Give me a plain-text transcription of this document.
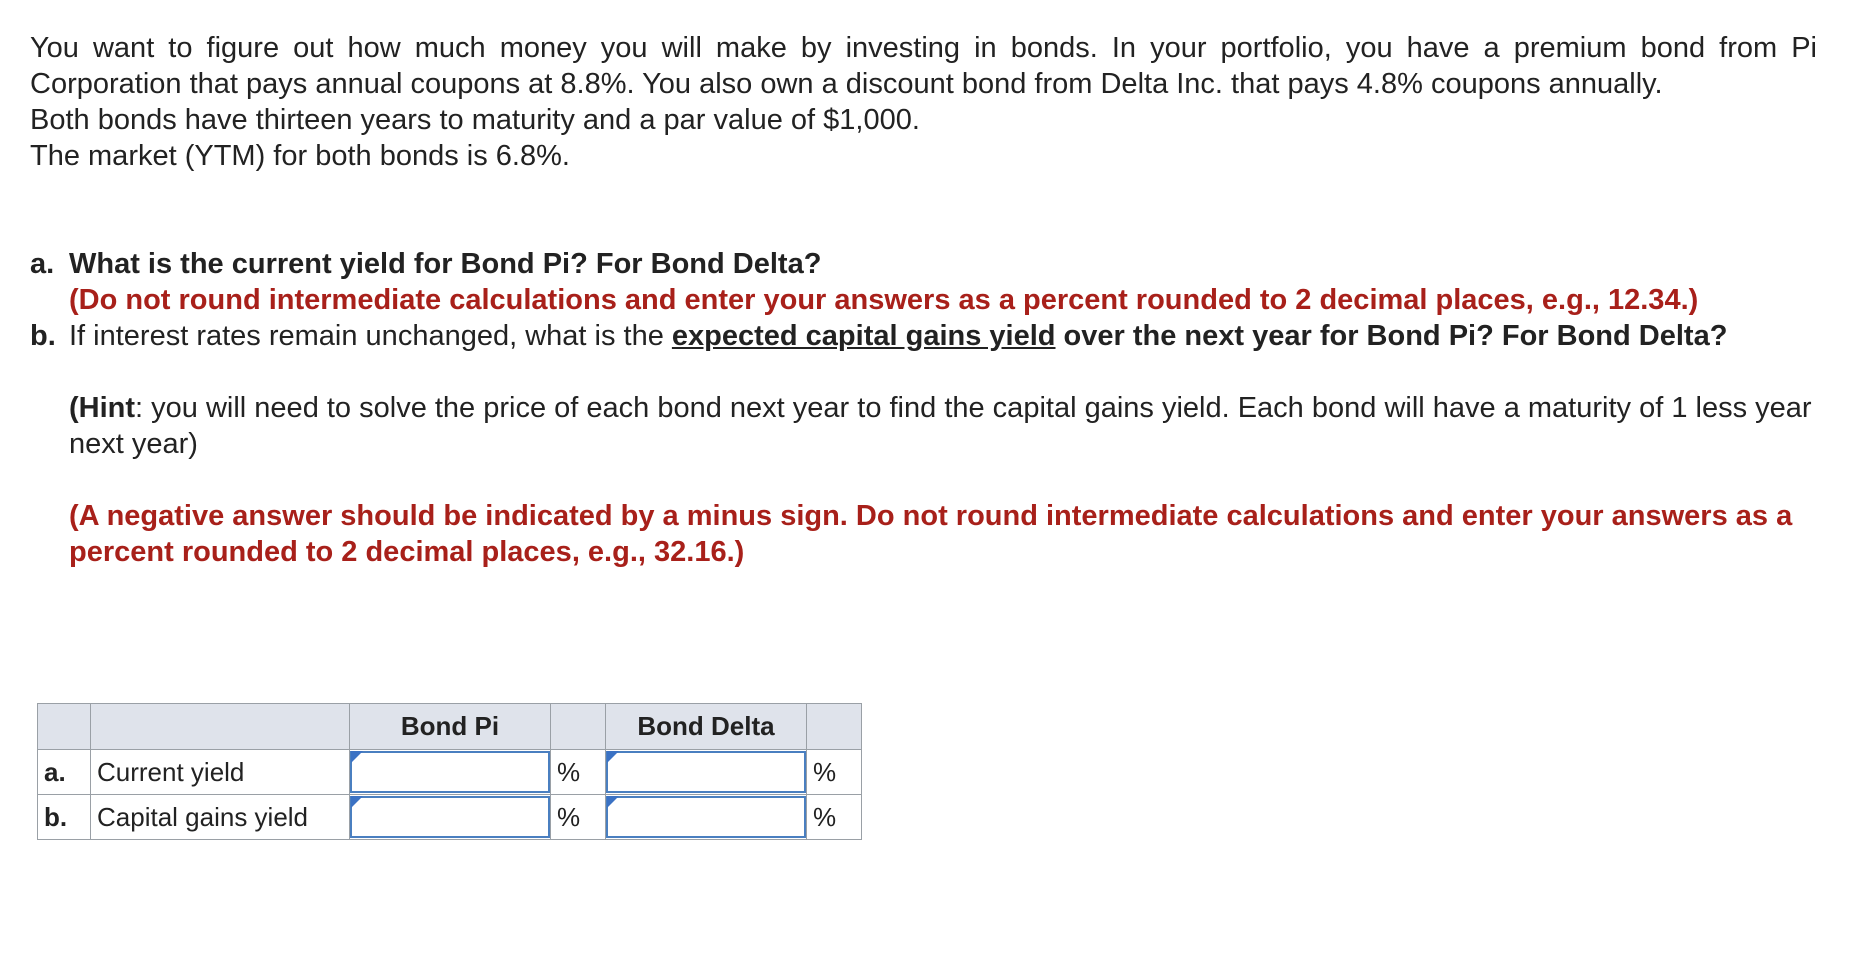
You want to figure out how much money you will make by investing in bonds. In your portfolio, you have a premium bond from Pi Corporation that pays annual coupons at 8.8%. You also own a discount bond from Delta Inc. that pays 4.8% coupons annually.

Both bonds have thirteen years to maturity and a par value of $1,000.

The market (YTM) for both bonds is 6.8%.

a. What is the current yield for Bond Pi? For Bond Delta?
(Do not round intermediate calculations and enter your answers as a percent rounded to 2 decimal places, e.g., 12.34.)
b. If interest rates remain unchanged, what is the expected capital gains yield over the next year for Bond Pi? For Bond Delta?
(Hint: you will need to solve the price of each bond next year to find the capital gains yield. Each bond will have a maturity of 1 less year next year)
(A negative answer should be indicated by a minus sign. Do not round intermediate calculations and enter your answers as a percent rounded to 2 decimal places, e.g., 32.16.)
		Bond Pi		Bond Delta	
a.	Current yield		%		%
b.	Capital gains yield		%		%
